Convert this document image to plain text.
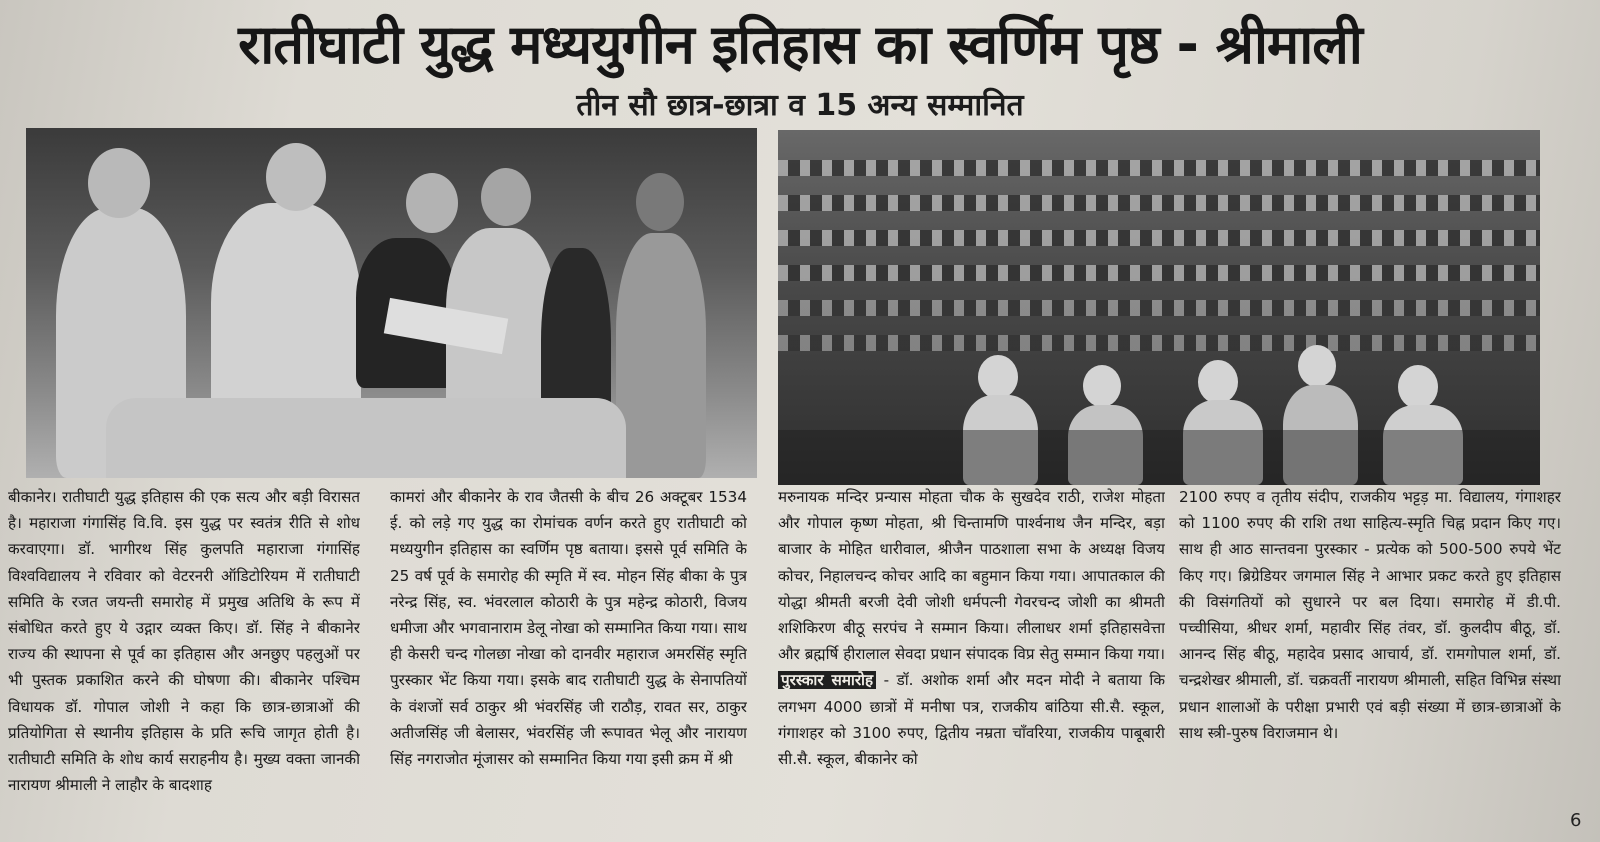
रातीघाटी युद्ध मध्ययुगीन इतिहास का स्वर्णिम पृष्ठ - श्रीमाली
तीन सौ छात्र-छात्रा व 15 अन्य सम्मानित

बीकानेर। रातीघाटी युद्ध इतिहास की एक सत्य और बड़ी विरासत है। महाराजा गंगासिंह वि.वि. इस युद्ध पर स्वतंत्र रीति से शोध करवाएगा। डॉ. भागीरथ सिंह कुलपति महाराजा गंगासिंह विश्वविद्यालय ने रविवार को वेटरनरी ऑडिटोरियम में रातीघाटी समिति के रजत जयन्ती समारोह में प्रमुख अतिथि के रूप में संबोधित करते हुए ये उद्गार व्यक्त किए। डॉ. सिंह ने बीकानेर राज्य की स्थापना से पूर्व का इतिहास और अनछुए पहलुओं पर भी पुस्तक प्रकाशित करने की घोषणा की। बीकानेर पश्चिम विधायक डॉ. गोपाल जोशी ने कहा कि छात्र-छात्राओं की प्रतियोगिता से स्थानीय इतिहास के प्रति रूचि जागृत होती है। रातीघाटी समिति के शोध कार्य सराहनीय है। मुख्य वक्ता जानकी नारायण श्रीमाली ने लाहौर के बादशाह

कामरां और बीकानेर के राव जैतसी के बीच 26 अक्टूबर 1534 ई. को लड़े गए युद्ध का रोमांचक वर्णन करते हुए रातीघाटी को मध्ययुगीन इतिहास का स्वर्णिम पृष्ठ बताया। इससे पूर्व समिति के 25 वर्ष पूर्व के समारोह की स्मृति में स्व. मोहन सिंह बीका के पुत्र नरेन्द्र सिंह, स्व. भंवरलाल कोठारी के पुत्र महेन्द्र कोठारी, विजय धमीजा और भगवानाराम डेलू नोखा को सम्मानित किया गया। साथ ही केसरी चन्द गोलछा नोखा को दानवीर महाराज अमरसिंह स्मृति पुरस्कार भेंट किया गया। इसके बाद रातीघाटी युद्ध के सेनापतियों के वंशजों सर्व ठाकुर श्री भंवरसिंह जी राठौड़, रावत सर, ठाकुर अतीजसिंह जी बेलासर, भंवरसिंह जी रूपावत भेलू और नारायण सिंह नगराजोत मूंजासर को सम्मानित किया गया इसी क्रम में श्री

मरुनायक मन्दिर प्रन्यास मोहता चौक के सुखदेव राठी, राजेश मोहता और गोपाल कृष्ण मोहता, श्री चिन्तामणि पार्श्वनाथ जैन मन्दिर, बड़ा बाजार के मोहित धारीवाल, श्रीजैन पाठशाला सभा के अध्यक्ष विजय कोचर, निहालचन्द कोचर आदि का बहुमान किया गया। आपातकाल की योद्धा श्रीमती बरजी देवी जोशी धर्मपत्नी गेवरचन्द जोशी का श्रीमती शशिकिरण बीठू सरपंच ने सम्मान किया। लीलाधर शर्मा इतिहासवेत्ता और ब्रह्मर्षि हीरालाल सेवदा प्रधान संपादक विप्र सेतु सम्मान किया गया। पुरस्कार समारोह - डॉ. अशोक शर्मा और मदन मोदी ने बताया कि लगभग 4000 छात्रों में मनीषा पत्र, राजकीय बांठिया सी.सै. स्कूल, गंगाशहर को 3100 रुपए, द्वितीय नम्रता चाँवरिया, राजकीय पाबूबारी सी.सै. स्कूल, बीकानेर को

2100 रुपए व तृतीय संदीप, राजकीय भट्टड़ मा. विद्यालय, गंगाशहर को 1100 रुपए की राशि तथा साहित्य-स्मृति चिह्न प्रदान किए गए। साथ ही आठ सान्तवना पुरस्कार - प्रत्येक को 500-500 रुपये भेंट किए गए। ब्रिग्रेडियर जगमाल सिंह ने आभार प्रकट करते हुए इतिहास की विसंगतियों को सुधारने पर बल दिया। समारोह में डी.पी. पच्चीसिया, श्रीधर शर्मा, महावीर सिंह तंवर, डॉ. कुलदीप बीठू, डॉ. आनन्द सिंह बीठू, महादेव प्रसाद आचार्य, डॉ. रामगोपाल शर्मा, डॉ. चन्द्रशेखर श्रीमाली, डॉ. चक्रवर्ती नारायण श्रीमाली, सहित विभिन्न संस्था प्रधान शालाओं के परीक्षा प्रभारी एवं बड़ी संख्या में छात्र-छात्राओं के साथ स्त्री-पुरुष विराजमान थे।

6
